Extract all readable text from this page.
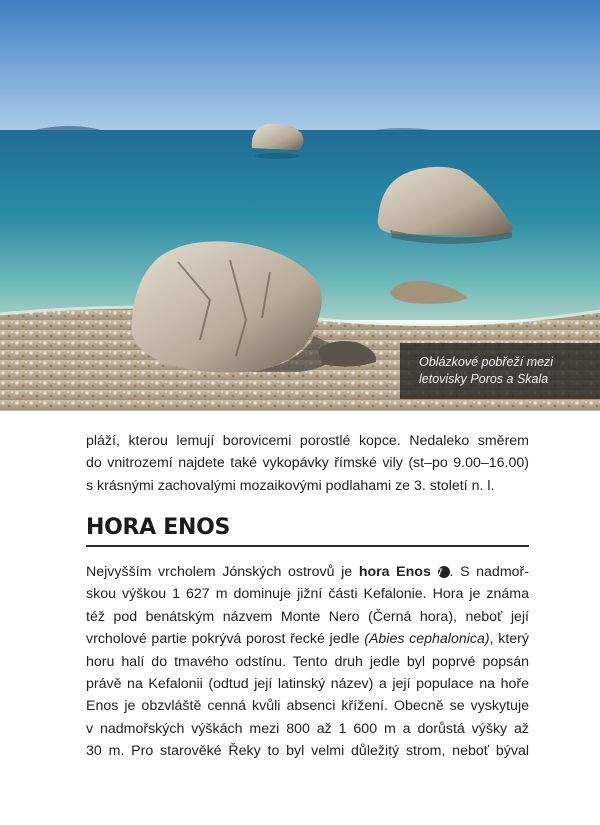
Oblázkové pobřeží mezi
letovisky Poros a Skala
pláží, kterou lemují borovicemi porostlé kopce. Nedaleko směrem
do vnitrozemí najdete také vykopávky římské vily (st–po 9.00–16.00)
s krásnými zachovalými mozaikovými podlahami ze 3. století n. l.
HORA ENOS
Nejvyšším vrcholem Jónských ostrovů je hora Enos 7 . S nadmoř-
skou výškou 1 627 m dominuje jižní části Kefalonie. Hora je známa
též pod benátským názvem Monte Nero (Černá hora), neboť její
vrcholové partie pokrývá porost řecké jedle (Abies cephalonica), který
horu halí do tmavého odstínu. Tento druh jedle byl poprvé popsán
právě na Kefalonii (odtud její latinský název) a její populace na hoře
Enos je obzvláště cenná kvůli absenci křížení. Obecně se vyskytuje
v nadmořských výškách mezi 800 až 1 600 m a dorůstá výšky až
30 m. Pro starověké Řeky to byl velmi důležitý strom, neboť býval
